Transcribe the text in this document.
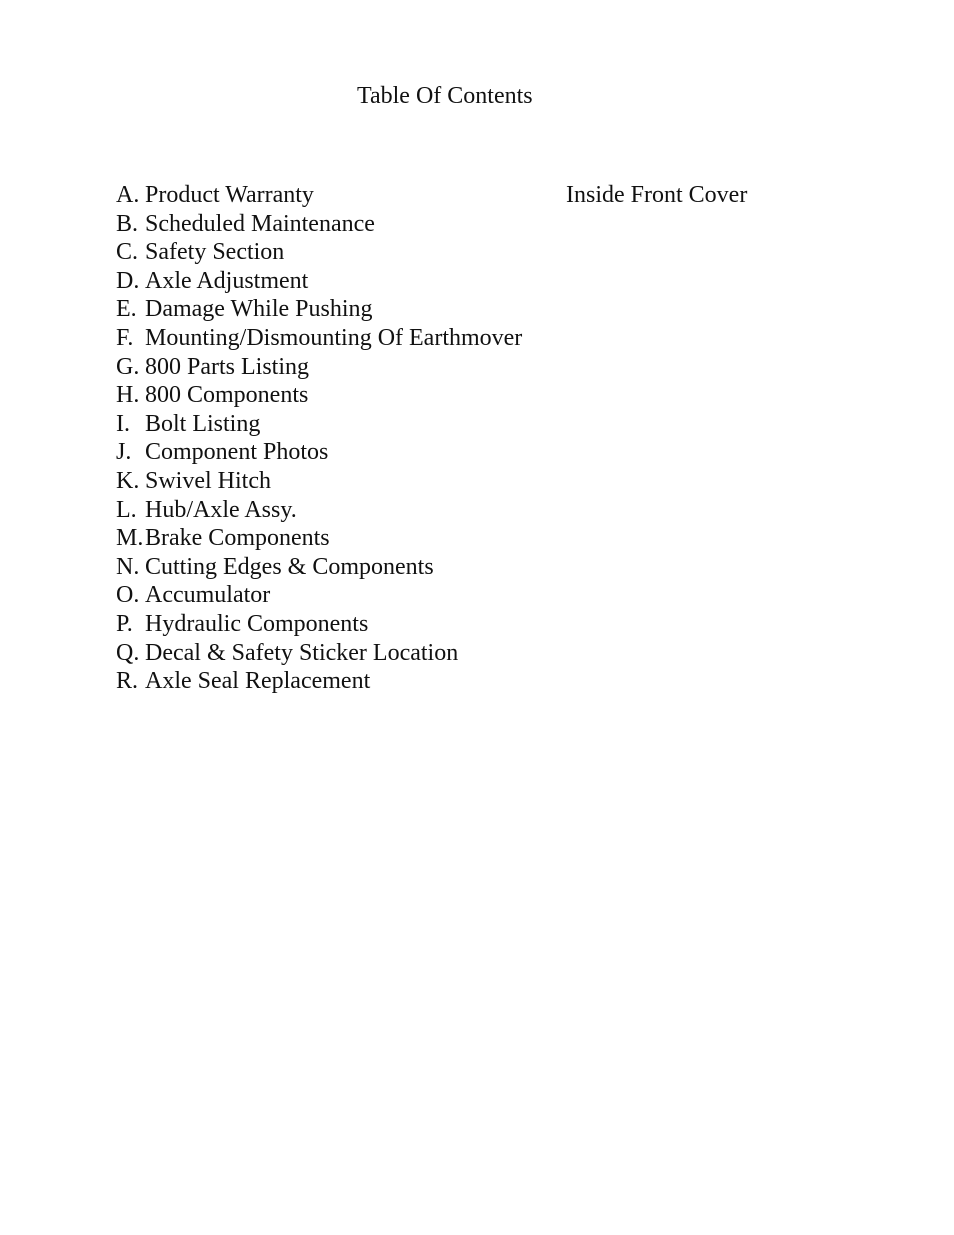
Table Of Contents
A. Product Warranty	Inside Front Cover
B. Scheduled Maintenance
C. Safety Section
D. Axle Adjustment
E. Damage While Pushing
F. Mounting/Dismounting Of Earthmover
G. 800 Parts Listing
H. 800 Components
I. Bolt Listing
J. Component Photos
K. Swivel Hitch
L. Hub/Axle Assy.
M. Brake Components
N. Cutting Edges & Components
O. Accumulator
P. Hydraulic Components
Q. Decal & Safety Sticker Location
R. Axle Seal Replacement
